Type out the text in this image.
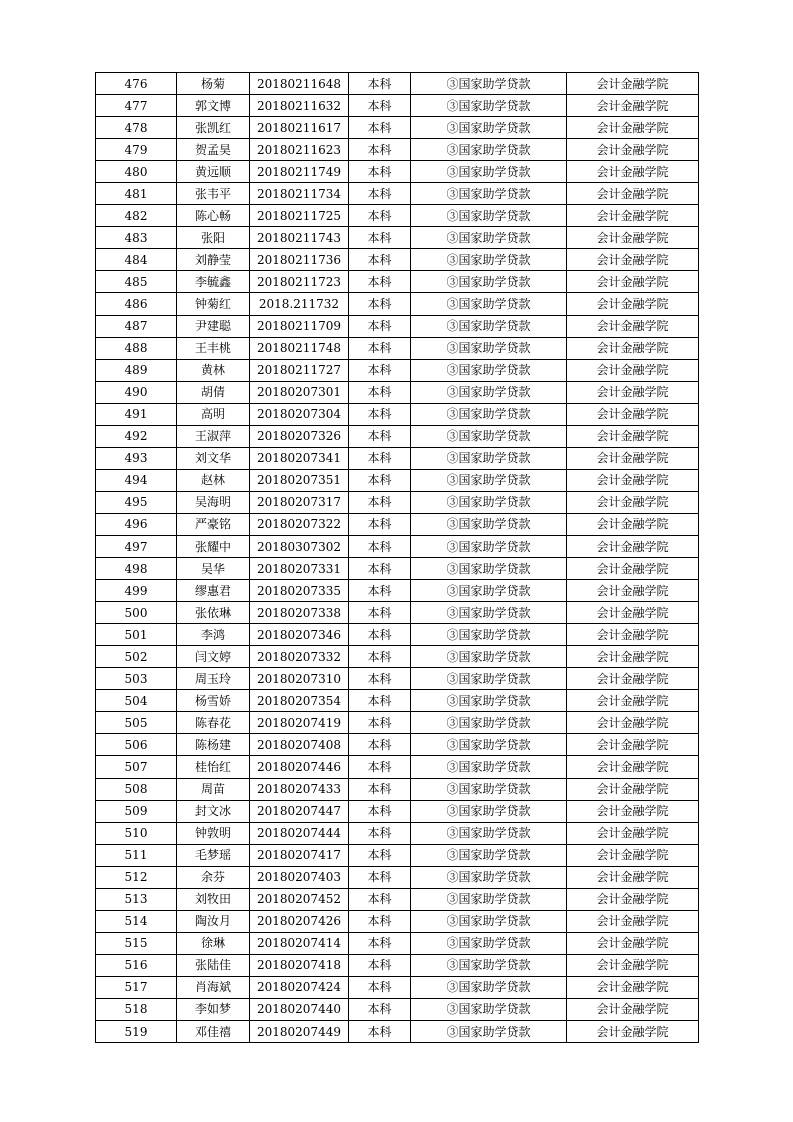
476	杨菊	20180211648	本科	③国家助学贷款	会计金融学院
477	郭文博	20180211632	本科	③国家助学贷款	会计金融学院
478	张凯红	20180211617	本科	③国家助学贷款	会计金融学院
479	贺孟昊	20180211623	本科	③国家助学贷款	会计金融学院
480	黄远顺	20180211749	本科	③国家助学贷款	会计金融学院
481	张韦平	20180211734	本科	③国家助学贷款	会计金融学院
482	陈心畅	20180211725	本科	③国家助学贷款	会计金融学院
483	张阳	20180211743	本科	③国家助学贷款	会计金融学院
484	刘静莹	20180211736	本科	③国家助学贷款	会计金融学院
485	李毓鑫	20180211723	本科	③国家助学贷款	会计金融学院
486	钟菊红	2018.211732	本科	③国家助学贷款	会计金融学院
487	尹建聪	20180211709	本科	③国家助学贷款	会计金融学院
488	王丰桃	20180211748	本科	③国家助学贷款	会计金融学院
489	黄林	20180211727	本科	③国家助学贷款	会计金融学院
490	胡倩	20180207301	本科	③国家助学贷款	会计金融学院
491	高明	20180207304	本科	③国家助学贷款	会计金融学院
492	王淑萍	20180207326	本科	③国家助学贷款	会计金融学院
493	刘文华	20180207341	本科	③国家助学贷款	会计金融学院
494	赵林	20180207351	本科	③国家助学贷款	会计金融学院
495	吴海明	20180207317	本科	③国家助学贷款	会计金融学院
496	严豪铭	20180207322	本科	③国家助学贷款	会计金融学院
497	张耀中	20180307302	本科	③国家助学贷款	会计金融学院
498	吴华	20180207331	本科	③国家助学贷款	会计金融学院
499	缪惠君	20180207335	本科	③国家助学贷款	会计金融学院
500	张依琳	20180207338	本科	③国家助学贷款	会计金融学院
501	李鸿	20180207346	本科	③国家助学贷款	会计金融学院
502	闫文婷	20180207332	本科	③国家助学贷款	会计金融学院
503	周玉玲	20180207310	本科	③国家助学贷款	会计金融学院
504	杨雪娇	20180207354	本科	③国家助学贷款	会计金融学院
505	陈春花	20180207419	本科	③国家助学贷款	会计金融学院
506	陈杨建	20180207408	本科	③国家助学贷款	会计金融学院
507	桂怡红	20180207446	本科	③国家助学贷款	会计金融学院
508	周苗	20180207433	本科	③国家助学贷款	会计金融学院
509	封文冰	20180207447	本科	③国家助学贷款	会计金融学院
510	钟敦明	20180207444	本科	③国家助学贷款	会计金融学院
511	毛梦瑶	20180207417	本科	③国家助学贷款	会计金融学院
512	余芬	20180207403	本科	③国家助学贷款	会计金融学院
513	刘牧田	20180207452	本科	③国家助学贷款	会计金融学院
514	陶汝月	20180207426	本科	③国家助学贷款	会计金融学院
515	徐琳	20180207414	本科	③国家助学贷款	会计金融学院
516	张陆佳	20180207418	本科	③国家助学贷款	会计金融学院
517	肖海斌	20180207424	本科	③国家助学贷款	会计金融学院
518	李如梦	20180207440	本科	③国家助学贷款	会计金融学院
519	邓佳禧	20180207449	本科	③国家助学贷款	会计金融学院
